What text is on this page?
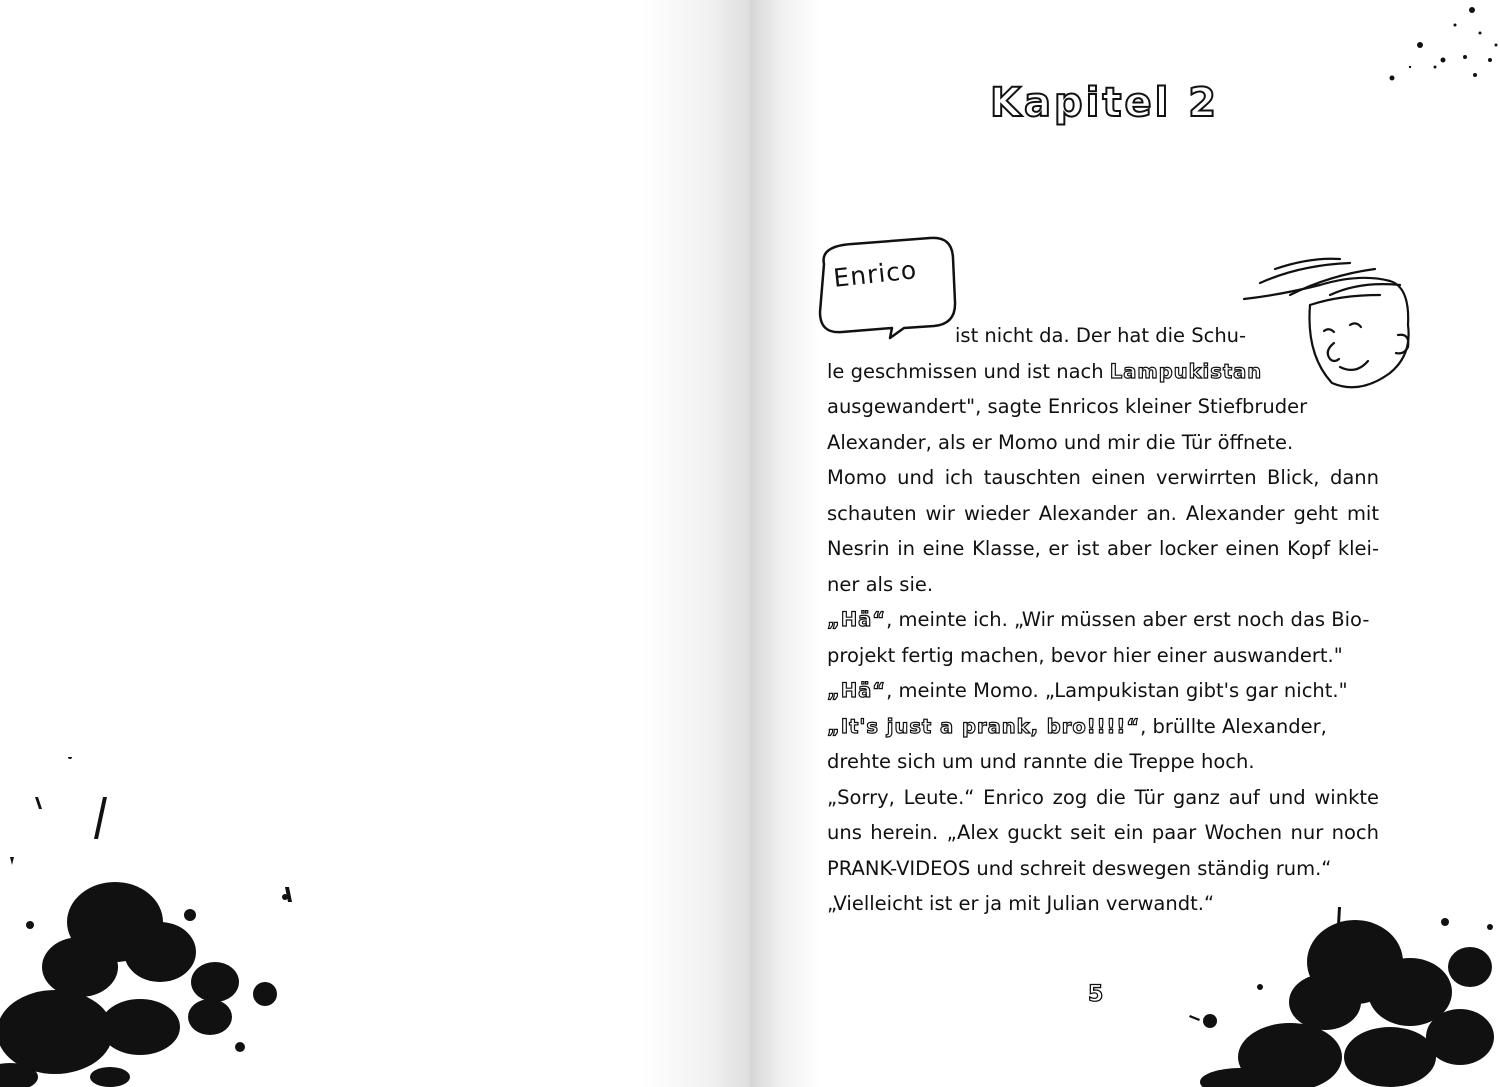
Kapitel 2
Enrico
ist nicht da. Der hat die Schu-
le geschmissen und ist nach Lampukistan
ausgewandert", sagte Enricos kleiner Stiefbruder
Alexander, als er Momo und mir die Tür öffnete.
Momo und ich tauschten einen verwirrten Blick, dann
schauten wir wieder Alexander an. Alexander geht mit
Nesrin in eine Klasse, er ist aber locker einen Kopf klei-
ner als sie.
„Hä“, meinte ich. „Wir müssen aber erst noch das Bio-
projekt fertig machen, bevor hier einer auswandert."
„Hä“, meinte Momo. „Lampukistan gibt's gar nicht."
„It's just a prank, bro!!!!“, brüllte Alexander,
drehte sich um und rannte die Treppe hoch.
„Sorry, Leute.“ Enrico zog die Tür ganz auf und winkte
uns herein. „Alex guckt seit ein paar Wochen nur noch
PRANK-VIDEOS und schreit deswegen ständig rum.“
„Vielleicht ist er ja mit Julian verwandt.“
5
